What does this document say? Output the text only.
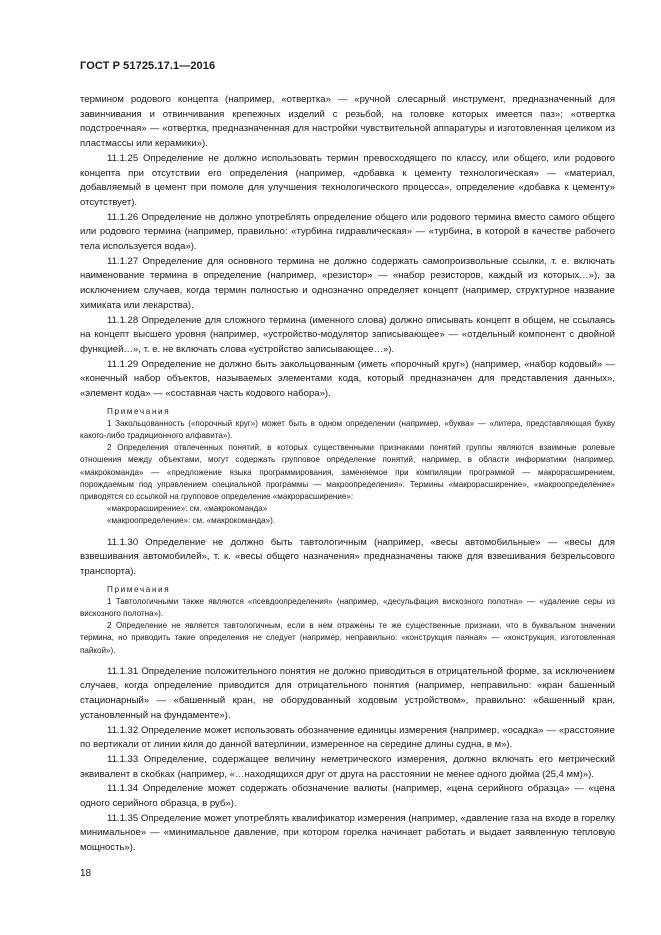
ГОСТ Р 51725.17.1—2016

термином родового концепта (например, «отвертка» — «ручной слесарный инструмент, предназначенный для завинчивания и отвинчивания крепежных изделий с резьбой, на головке которых имеется паз»; «отвертка подстроечная» — «отвертка, предназначенная для настройки чувствительной аппаратуры и изготовленная целиком из пластмассы или керамики»).

11.1.25 Определение не должно использовать термин превосходящего по классу, или общего, или родового концепта при отсутствии его определения (например, «добавка к цементу технологическая» — «материал, добавляемый в цемент при помоле для улучшения технологического процесса», определение «добавка к цементу» отсутствует).

11.1.26 Определение не должно употреблять определение общего или родового термина вместо самого общего или родового термина (например, правильно: «турбина гидравлическая» — «турбина, в которой в качестве рабочего тела используется вода»).

11.1.27 Определение для основного термина не должно содержать самопроизвольные ссылки, т. е. включать наименование термина в определение (например, «резистор» — «набор резисторов, каждый из которых…»), за исключением случаев, когда термин полностью и однозначно определяет концепт (например, структурное название химиката или лекарства).

11.1.28 Определение для сложного термина (именного слова) должно описывать концепт в общем, не ссылаясь на концепт высшего уровня (например, «устройство-модулятор записывающее» — «отдельный компонент с двойной функцией…», т. е. не включать слова «устройство записывающее…»).

11.1.29 Определение не должно быть закольцованным (иметь «порочный круг») (например, «набор кодовый» — «конечный набор объектов, называемых элементами кода, который предназначен для представления данных», «элемент кода» — «составная часть кодового набора»).

Примечания

1 Закольцованность («порочный круг») может быть в одном определении (например, «буква» — «литера, представляющая букву какого-либо традиционного алфавита»).

2 Определения отвлеченных понятий, в которых существенными признаками понятий группы являются взаимные ролевые отношения между объектами, могут содержать групповое определение понятий, например, в области информатики (например, «макрокоманда» — «предложение языка программирования, заменяемое при компиляции программой — макрорасширением, порождаемым под управлением специальной программы — макроопределения». Термины «макрорасширение», «макроопределение» приводятся со ссылкой на групповое определение «макрорасширение»:

«макрорасширение»: см. «макрокоманда»

«макроопределение»: см. «макрокоманда»).

11.1.30 Определение не должно быть тавтологичным (например, «весы автомобильные» — «весы для взвешивания автомобилей», т. к. «весы общего назначения» предназначены также для взвешивания безрельсового транспорта).

Примечания

1 Тавтологичными также являются «псевдоопределения» (например, «десульфация вискозного полотна» — «удаление серы из вискозного полотна»).

2 Определение не является тавтологичным, если в нем отражены те же существенные признаки, что в буквальном значении термина, но приводить такие определения не следует (например, неправильно: «конструкция паяная» — «конструкция, изготовленная пайкой»).

11.1.31 Определение положительного понятия не должно приводиться в отрицательной форме, за исключением случаев, когда определение приводится для отрицательного понятия (например, неправильно: «кран башенный стационарный» — «башенный кран, не оборудованный ходовым устройством», правильно: «башенный кран, установленный на фундаменте»).

11.1.32 Определение может использовать обозначение единицы измерения (например, «осадка» — «расстояние по вертикали от линии киля до данной ватерлинии, измеренное на середине длины судна, в м»).

11.1.33 Определение, содержащее величину неметрического измерения, должно включать его метрический эквивалент в скобках (например, «…находящихся друг от друга на расстоянии не менее одного дюйма (25,4 мм)»).

11.1.34 Определение может содержать обозначение валюты (например, «цена серийного образца» — «цена одного серийного образца, в руб»).

11.1.35 Определение может употреблять квалификатор измерения (например, «давление газа на входе в горелку минимальное» — «минимальное давление, при котором горелка начинает работать и выдает заявленную тепловую мощность»).

18
